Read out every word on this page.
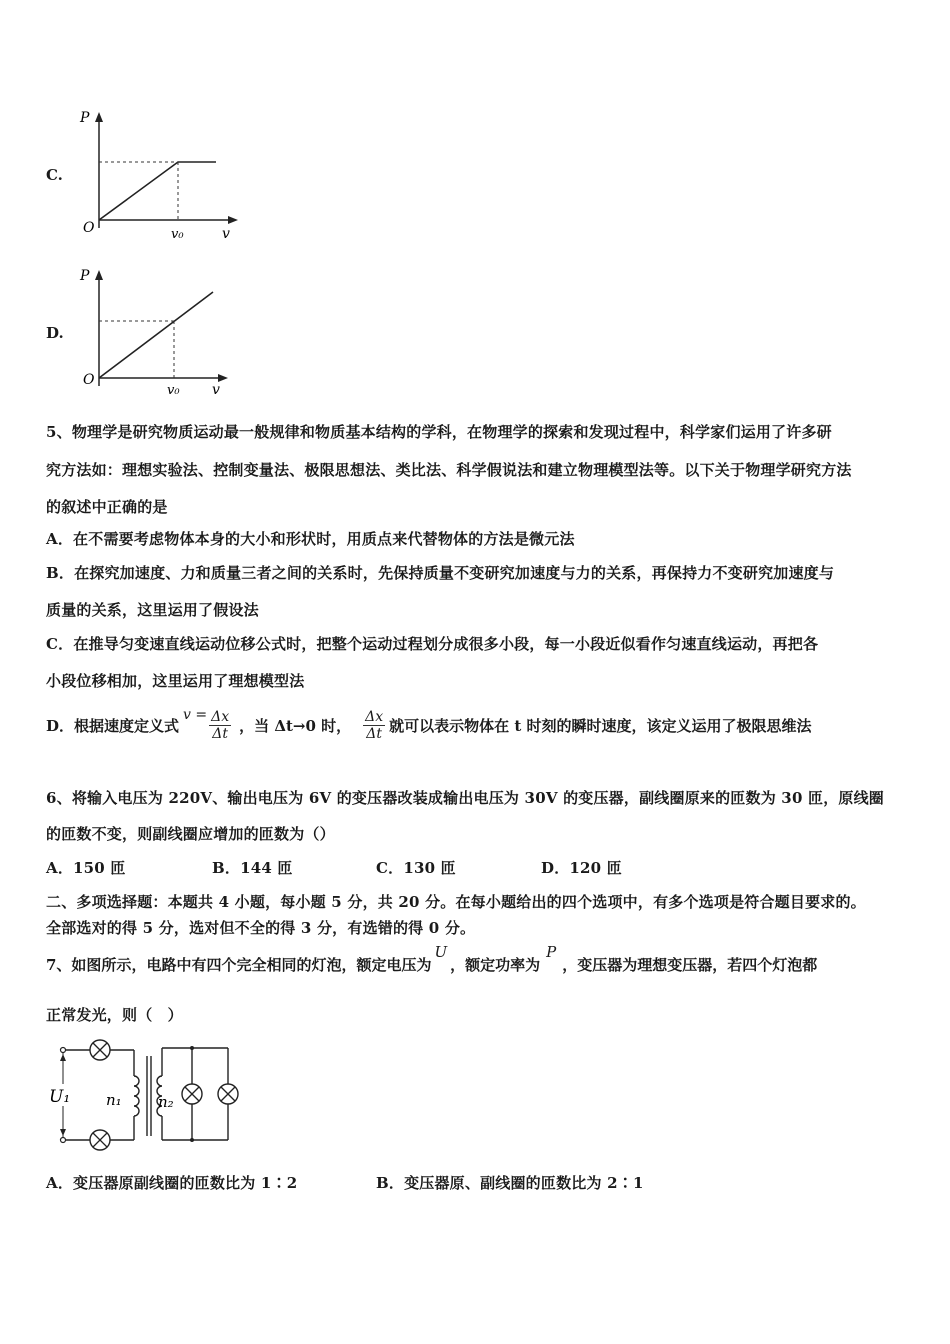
C.
P
O	v₀	v
D.
P
O
v₀ v
5、物理学是研究物质运动最一般规律和物质基本结构的学科，在物理学的探索和发现过程中，科学家们运用了许多研
究方法如：理想实验法、控制变量法、极限思想法、类比法、科学假说法和建立物理模型法等。以下关于物理学研究方法
的叙述中正确的是
A．在不需要考虑物体本身的大小和形状时，用质点来代替物体的方法是微元法
B．在探究加速度、力和质量三者之间的关系时，先保持质量不变研究加速度与力的关系，再保持力不变研究加速度与
质量的关系，这里运用了假设法
C．在推导匀变速直线运动位移公式时，把整个运动过程划分成很多小段，每一小段近似看作匀速直线运动，再把各
小段位移相加，这里运用了理想模型法
D．根据速度定义式
$v = \frac{\Delta x}{\Delta t}$ ，当 Δt→0 时， $\frac{\Delta x}{\Delta t}$ 就可以表示物体在 t 时刻的瞬时速度，该定义运用了极限思维法
6、将输入电压为 220V、输出电压为 6V 的变压器改装成输出电压为 30V 的变压器，副线圈原来的匝数为 30 匝，原线圈
的匝数不变，则副线圈应增加的匝数为（）
A．150 匝	B．144 匝	C．130 匝	D．120 匝
二、多项选择题：本题共 4 小题，每小题 5 分，共 20 分。在每小题给出的四个选项中，有多个选项是符合题目要求的。
全部选对的得 5 分，选对但不全的得 3 分，有选错的得 0 分。
7、如图所示，电路中有四个完全相同的灯泡，额定电压为
U
，额定功率为
P
，变压器为理想变压器，若四个灯泡都
正常发光，则（　）
U₁ n₁ n₂
A．变压器原副线圈的匝数比为 1∶2	B．变压器原、副线圈的匝数比为 2∶1
